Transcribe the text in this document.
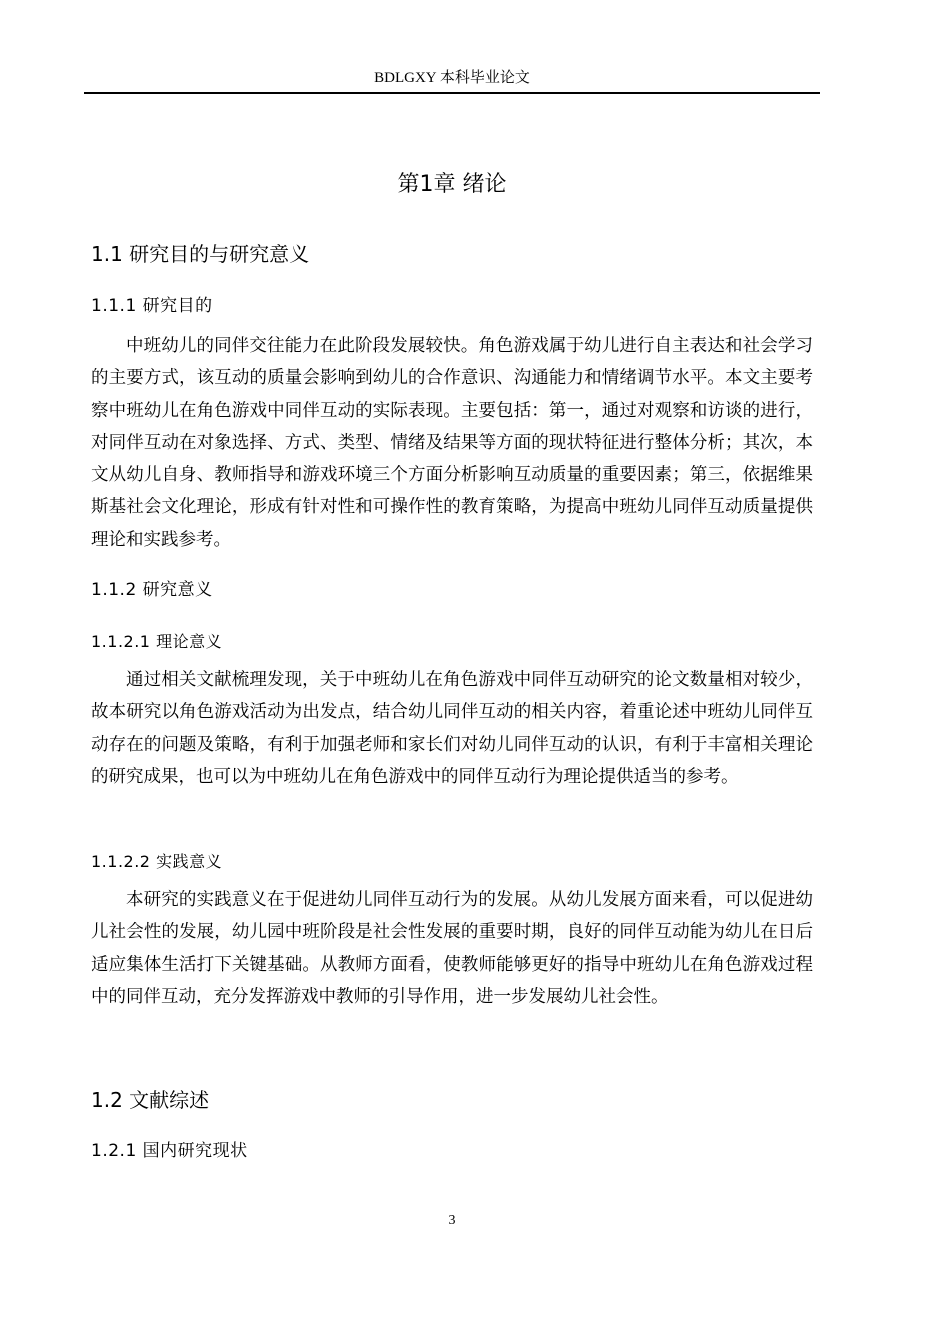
BDLGXY 本科毕业论文
第1章 绪论
1.1 研究目的与研究意义
1.1.1 研究目的

中班幼儿的同伴交往能力在此阶段发展较快。角色游戏属于幼儿进行自主表达和社会学习的主要方式，该互动的质量会影响到幼儿的合作意识、沟通能力和情绪调节水平。本文主要考察中班幼儿在角色游戏中同伴互动的实际表现。主要包括：第一，通过对观察和访谈的进行，对同伴互动在对象选择、方式、类型、情绪及结果等方面的现状特征进行整体分析；其次，本文从幼儿自身、教师指导和游戏环境三个方面分析影响互动质量的重要因素；第三，依据维果斯基社会文化理论，形成有针对性和可操作性的教育策略，为提高中班幼儿同伴互动质量提供理论和实践参考。

1.1.2 研究意义
1.1.2.1 理论意义

通过相关文献梳理发现，关于中班幼儿在角色游戏中同伴互动研究的论文数量相对较少，故本研究以角色游戏活动为出发点，结合幼儿同伴互动的相关内容，着重论述中班幼儿同伴互动存在的问题及策略，有利于加强老师和家长们对幼儿同伴互动的认识，有利于丰富相关理论的研究成果，也可以为中班幼儿在角色游戏中的同伴互动行为理论提供适当的参考。

1.1.2.2 实践意义

本研究的实践意义在于促进幼儿同伴互动行为的发展。从幼儿发展方面来看，可以促进幼儿社会性的发展，幼儿园中班阶段是社会性发展的重要时期，良好的同伴互动能为幼儿在日后适应集体生活打下关键基础。从教师方面看，使教师能够更好的指导中班幼儿在角色游戏过程中的同伴互动，充分发挥游戏中教师的引导作用，进一步发展幼儿社会性。

1.2 文献综述
1.2.1 国内研究现状
3
